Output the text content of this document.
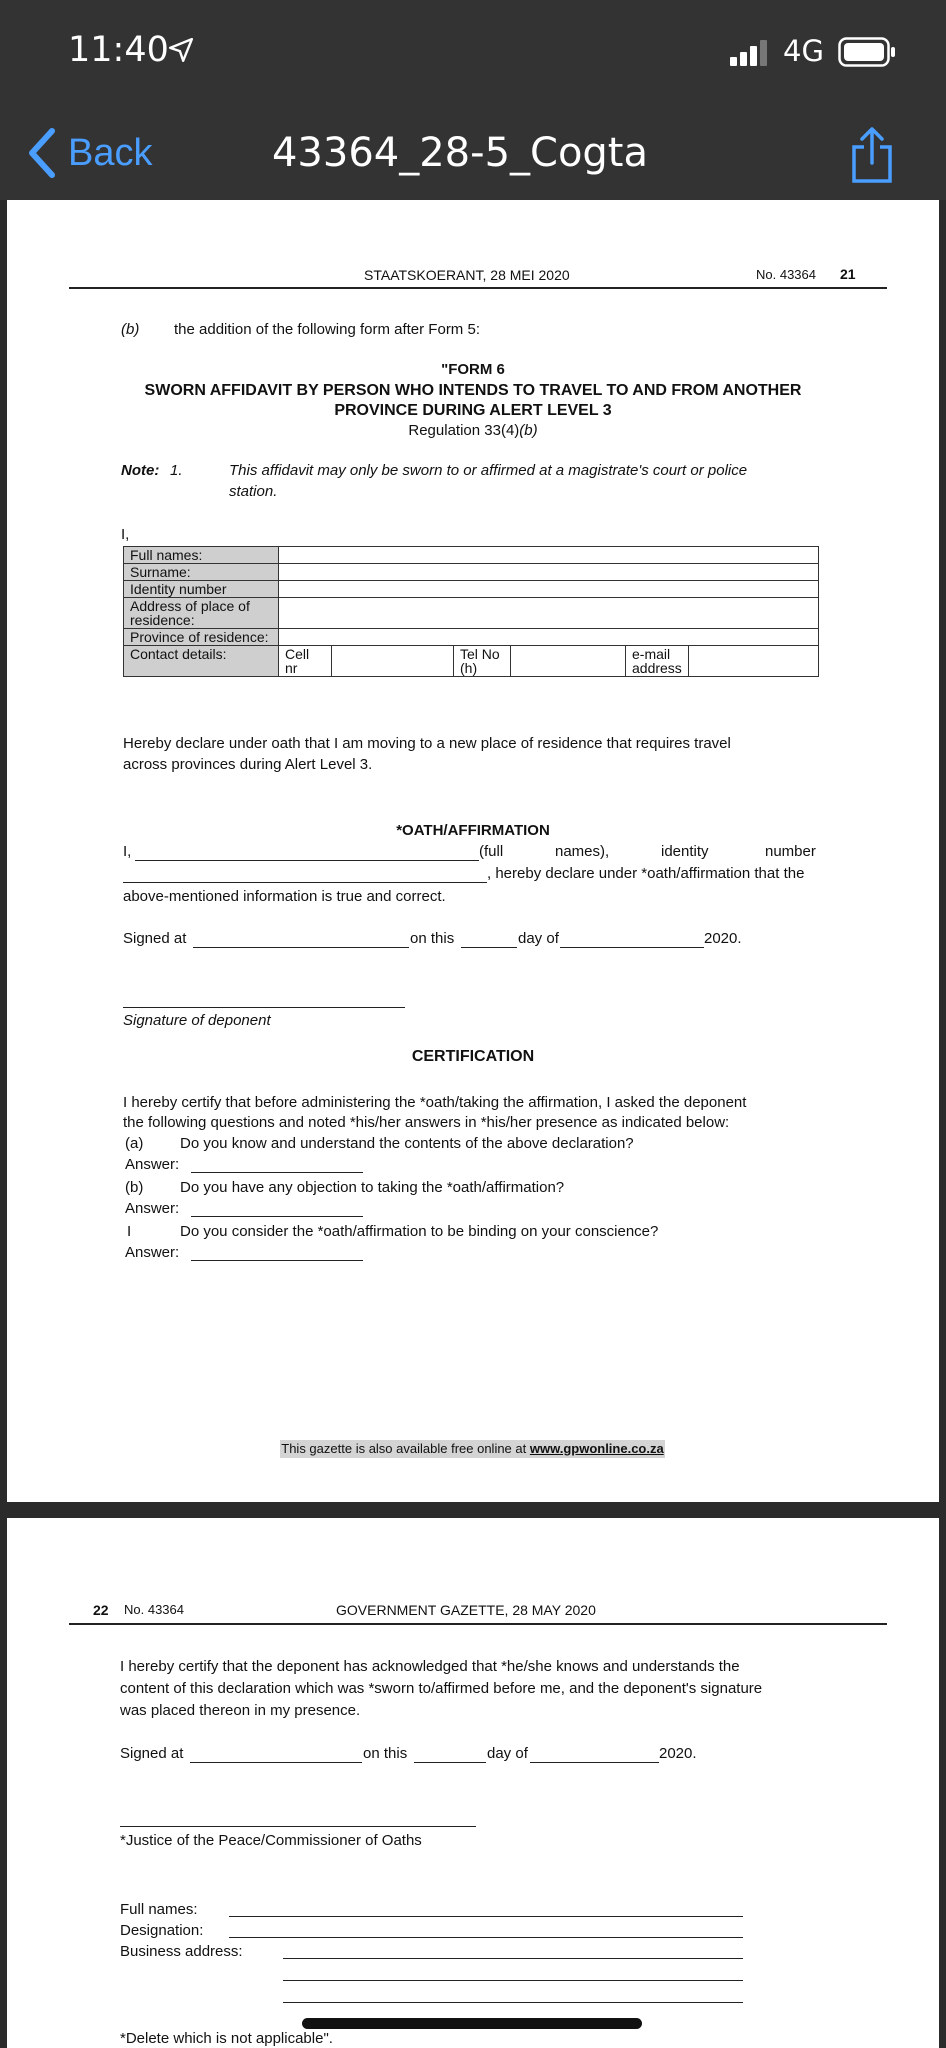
11:40	4G
Back	43364_28-5_Cogta
STAATSKOERANT, 28 MEI 2020	No. 43364 21
(b) the addition of the following form after Form 5:
"FORM 6
SWORN AFFIDAVIT BY PERSON WHO INTENDS TO TRAVEL TO AND FROM ANOTHER
PROVINCE DURING ALERT LEVEL 3
Regulation 33(4)(b)
Note: 1.	This affidavit may only be sworn to or affirmed at a magistrate's court or police
station.
I,
Full names:						
Surname:						
Identity number						
Address of place of residence:						
Province of residence:						
Contact details:	Cell nr		Tel No (h)		e-mail address	
Hereby declare under oath that I am moving to a new place of residence that requires travel
across provinces during Alert Level 3.
*OATH/AFFIRMATION
I,	(full	names),	identity	number
, hereby declare under *oath/affirmation that the
above-mentioned information is true and correct.
Signed at	on this	day of	2020.
Signature of deponent
CERTIFICATION
I hereby certify that before administering the *oath/taking the affirmation, I asked the deponent
the following questions and noted *his/her answers in *his/her presence as indicated below:
(a) Do you know and understand the contents of the above declaration?
Answer:
(b) Do you have any objection to taking the *oath/affirmation?
Answer:
I	Do you consider the *oath/affirmation to be binding on your conscience?
Answer:
This gazette is also available free online at www.gpwonline.co.za
22 No. 43364	GOVERNMENT GAZETTE, 28 MAY 2020
I hereby certify that the deponent has acknowledged that *he/she knows and understands the
content of this declaration which was *sworn to/affirmed before me, and the deponent's signature
was placed thereon in my presence.
Signed at	on this	day of	2020.
*Justice of the Peace/Commissioner of Oaths
Full names:
Designation:
Business address:
*Delete which is not applicable".
